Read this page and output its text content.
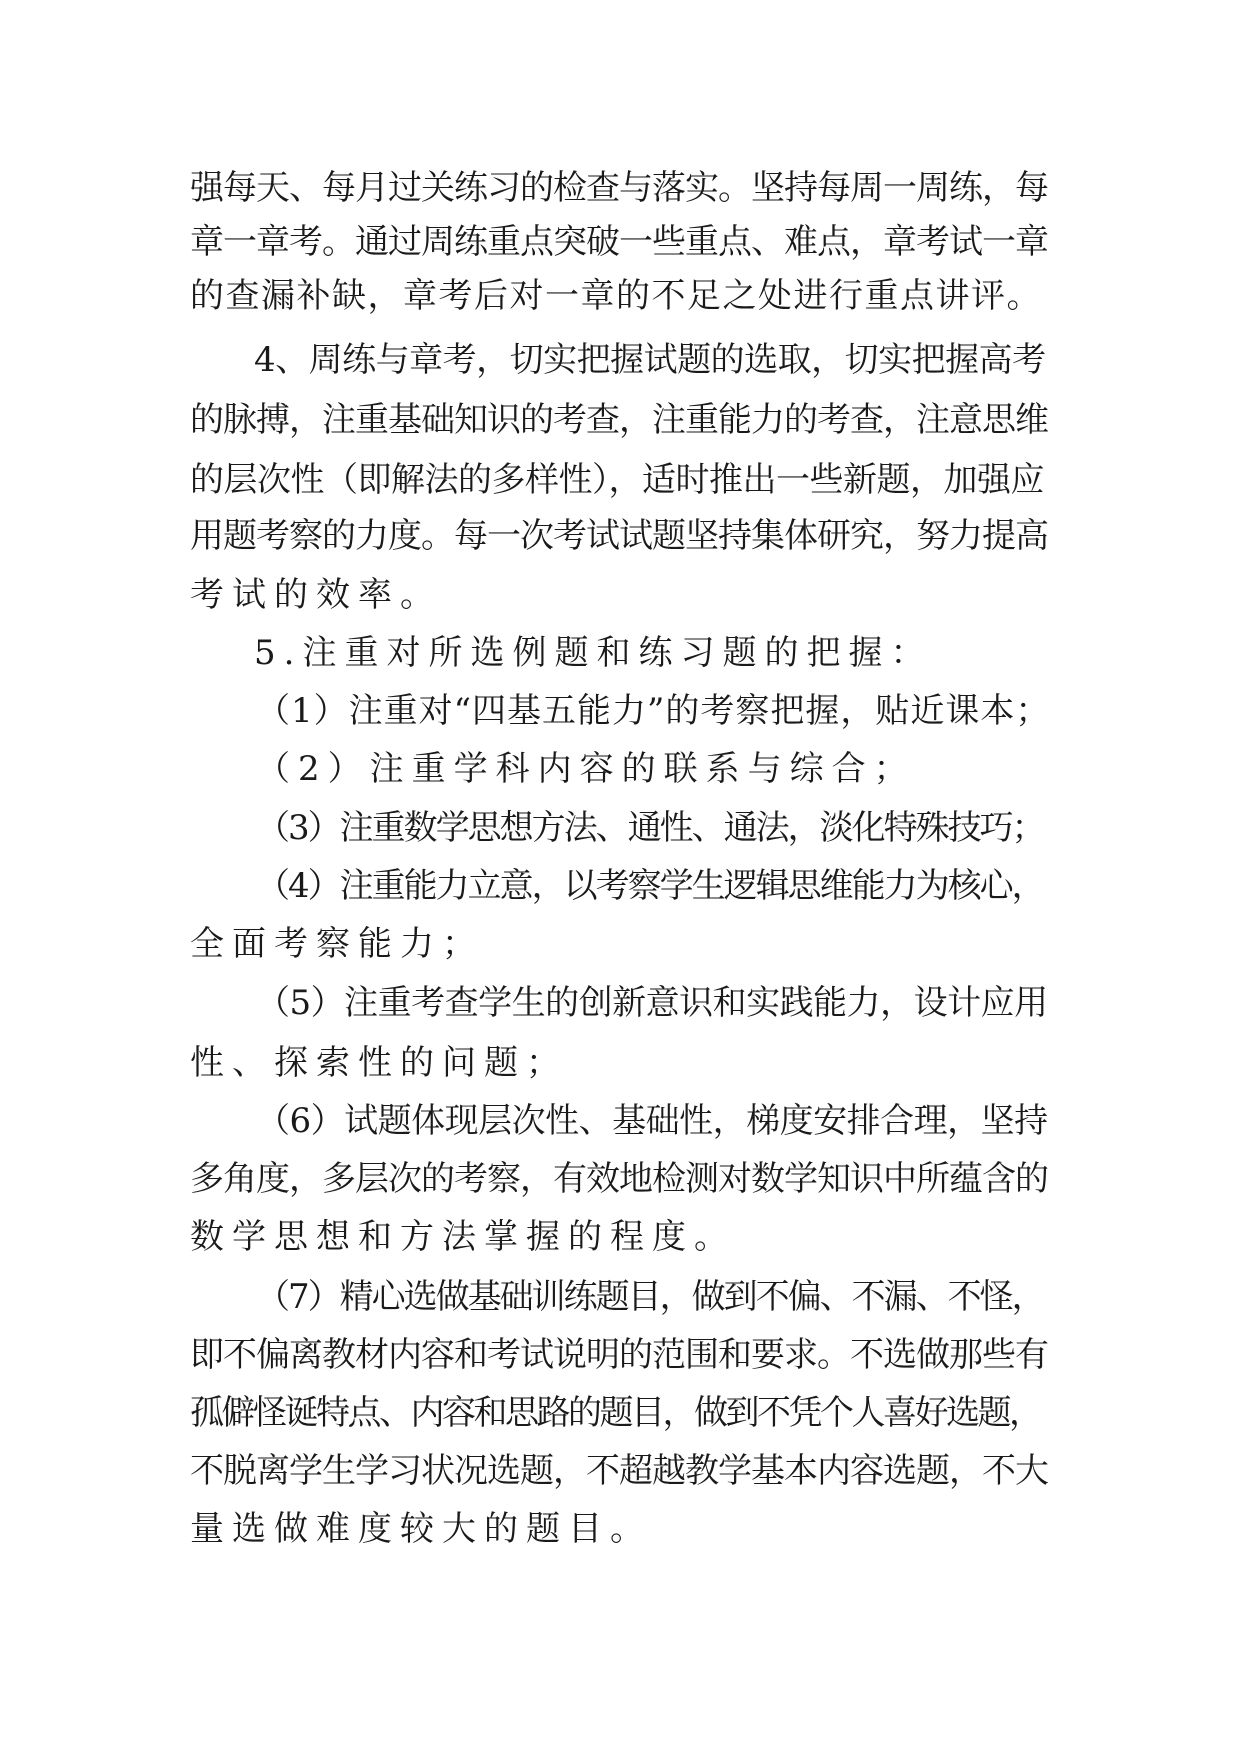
强每天、每月过关练习的检查与落实。坚持每周一周练，每
章一章考。通过周练重点突破一些重点、难点，章考试一章
的查漏补缺，章考后对一章的不足之处进行重点讲评。
4、周练与章考，切实把握试题的选取，切实把握高考
的脉搏，注重基础知识的考查，注重能力的考查，注意思维
的层次性（即解法的多样性），适时推出一些新题，加强应
用题考察的力度。每一次考试试题坚持集体研究，努力提高
考试的效率。
5.注重对所选例题和练习题的把握：
（1）注重对“四基五能力”的考察把握，贴近课本；
（2）注重学科内容的联系与综合；
（3）注重数学思想方法、通性、通法，淡化特殊技巧；
（4）注重能力立意，以考察学生逻辑思维能力为核心，
全面考察能力；
（5）注重考查学生的创新意识和实践能力，设计应用
性、探索性的问题；
（6）试题体现层次性、基础性，梯度安排合理，坚持
多角度，多层次的考察，有效地检测对数学知识中所蕴含的
数学思想和方法掌握的程度。
（7）精心选做基础训练题目，做到不偏、不漏、不怪，
即不偏离教材内容和考试说明的范围和要求。不选做那些有
孤僻怪诞特点、内容和思路的题目，做到不凭个人喜好选题，
不脱离学生学习状况选题，不超越教学基本内容选题，不大
量选做难度较大的题目。
